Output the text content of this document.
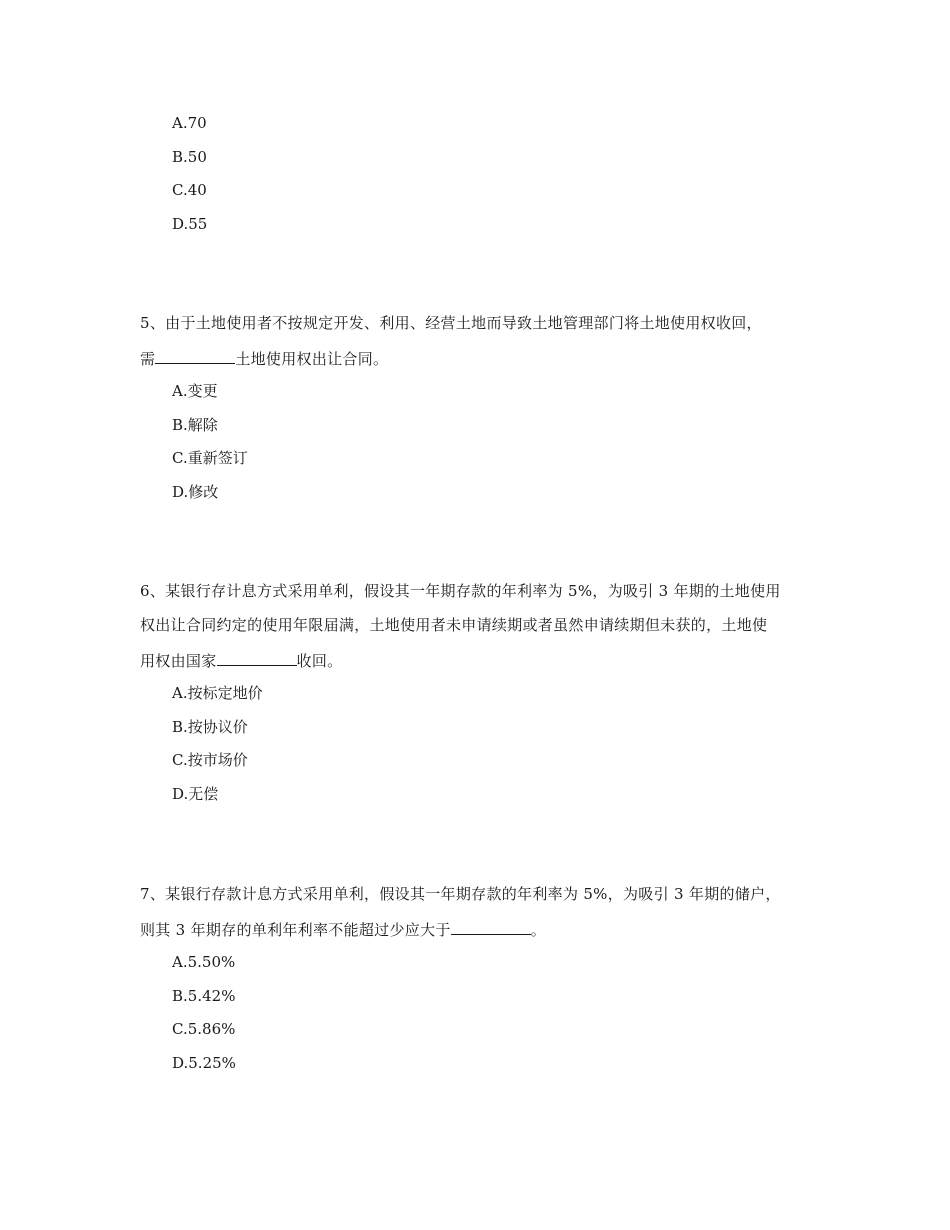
A.70
B.50
C.40
D.55
5、由于土地使用者不按规定开发、利用、经营土地而导致土地管理部门将土地使用权收回，
需	土地使用权出让合同。
A.变更
B.解除
C.重新签订
D.修改
6、某银行存计息方式采用单利，假设其一年期存款的年利率为 5%，为吸引 3 年期的土地使用
权出让合同约定的使用年限届满，土地使用者未申请续期或者虽然申请续期但未获的，土地使
用权由国家	收回。
A.按标定地价
B.按协议价
C.按市场价
D.无偿
7、某银行存款计息方式采用单利，假设其一年期存款的年利率为 5%，为吸引 3 年期的储户，
则其 3 年期存的单利年利率不能超过少应大于	。
A.5.50%
B.5.42%
C.5.86%
D.5.25%
